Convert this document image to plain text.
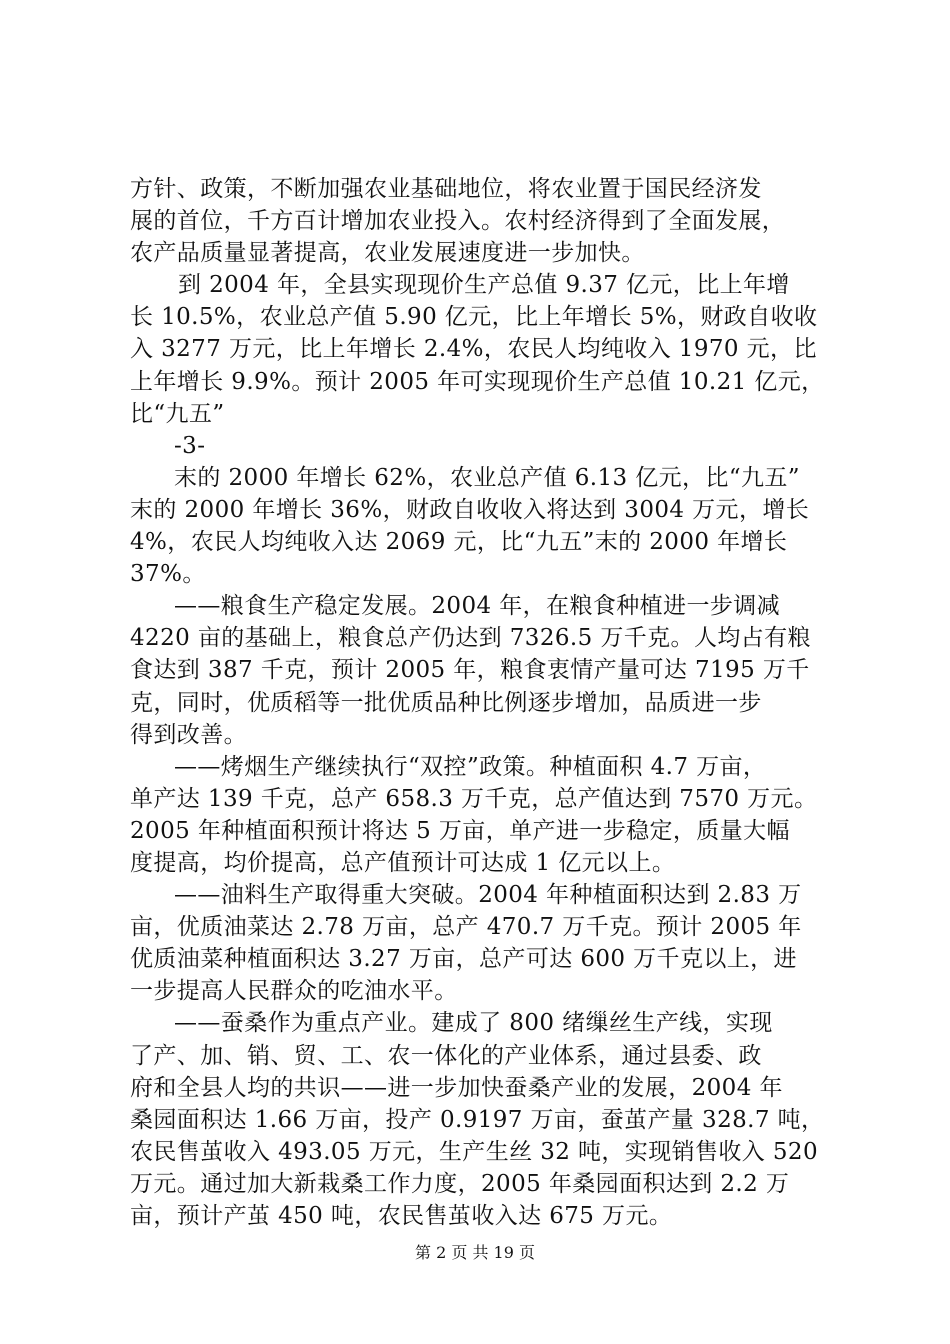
方针、政策，不断加强农业基础地位，将农业置于国民经济发
展的首位，千方百计增加农业投入。农村经济得到了全面发展，
农产品质量显著提高，农业发展速度进一步加快。
到 2004 年，全县实现现价生产总值 9.37 亿元，比上年增
长 10.5%，农业总产值 5.90 亿元，比上年增长 5%，财政自收收
入 3277 万元，比上年增长 2.4%，农民人均纯收入 1970 元，比
上年增长 9.9%。预计 2005 年可实现现价生产总值 10.21 亿元，
比“九五”
-3-
末的 2000 年增长 62%，农业总产值 6.13 亿元，比“九五”
末的 2000 年增长 36%，财政自收收入将达到 3004 万元，增长
4%，农民人均纯收入达 2069 元，比“九五”末的 2000 年增长
37%。
——粮食生产稳定发展。2004 年，在粮食种植进一步调减
4220 亩的基础上，粮食总产仍达到 7326.5 万千克。人均占有粮
食达到 387 千克，预计 2005 年，粮食衷情产量可达 7195 万千
克，同时，优质稻等一批优质品种比例逐步增加，品质进一步
得到改善。
——烤烟生产继续执行“双控”政策。种植面积 4.7 万亩，
单产达 139 千克，总产 658.3 万千克，总产值达到 7570 万元。
2005 年种植面积预计将达 5 万亩，单产进一步稳定，质量大幅
度提高，均价提高，总产值预计可达成 1 亿元以上。
——油料生产取得重大突破。2004 年种植面积达到 2.83 万
亩，优质油菜达 2.78 万亩，总产 470.7 万千克。预计 2005 年
优质油菜种植面积达 3.27 万亩，总产可达 600 万千克以上，进
一步提高人民群众的吃油水平。
——蚕桑作为重点产业。建成了 800 绪缫丝生产线，实现
了产、加、销、贸、工、农一体化的产业体系，通过县委、政
府和全县人均的共识——进一步加快蚕桑产业的发展，2004 年
桑园面积达 1.66 万亩，投产 0.9197 万亩，蚕茧产量 328.7 吨，
农民售茧收入 493.05 万元，生产生丝 32 吨，实现销售收入 520
万元。通过加大新栽桑工作力度，2005 年桑园面积达到 2.2 万
亩，预计产茧 450 吨，农民售茧收入达 675 万元。
第 2 页 共 19 页
